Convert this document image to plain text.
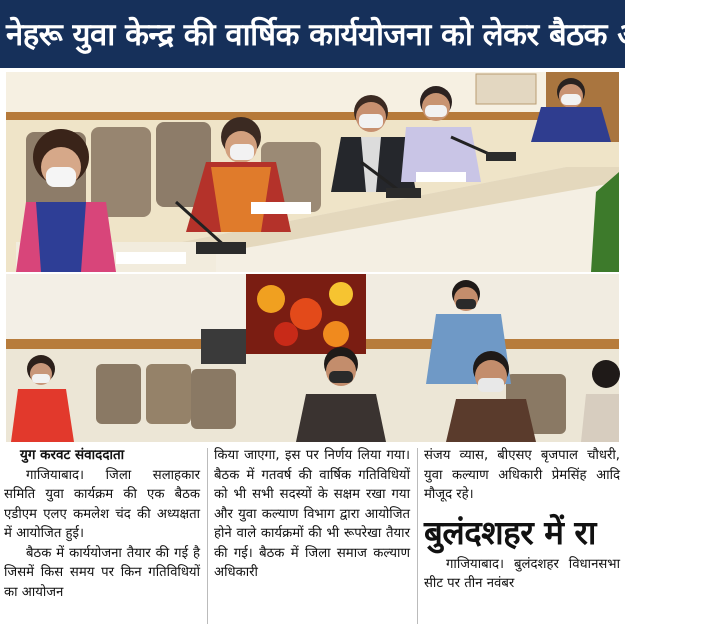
नेहरू युवा केन्द्र की वार्षिक कार्ययोजना को लेकर बैठक आयोजित

युग करवट संवाददाता

गाजियाबाद। जिला सलाहकार समिति युवा कार्यक्रम की एक बैठक एडीएम एलए कमलेश चंद की अध्यक्षता में आयोजित हुई।

बैठक में कार्ययोजना तैयार की गई है जिसमें किस समय पर किन गतिविधियों का आयोजन

किया जाएगा, इस पर निर्णय लिया गया। बैठक में गतवर्ष की वार्षिक गतिविधियों को भी सभी सदस्यों के सक्षम रखा गया और युवा कल्याण विभाग द्वारा आयोजित होने वाले कार्यक्रमों की भी रूपरेखा तैयार की गई। बैठक में जिला समाज कल्याण अधिकारी

संजय व्यास, बीएसए बृजपाल चौधरी, युवा कल्याण अधिकारी प्रेमसिंह आदि मौजूद रहे।

बुलंदशहर में रा

गाजियाबाद। बुलंदशहर विधानसभा सीट पर तीन नवंबर
